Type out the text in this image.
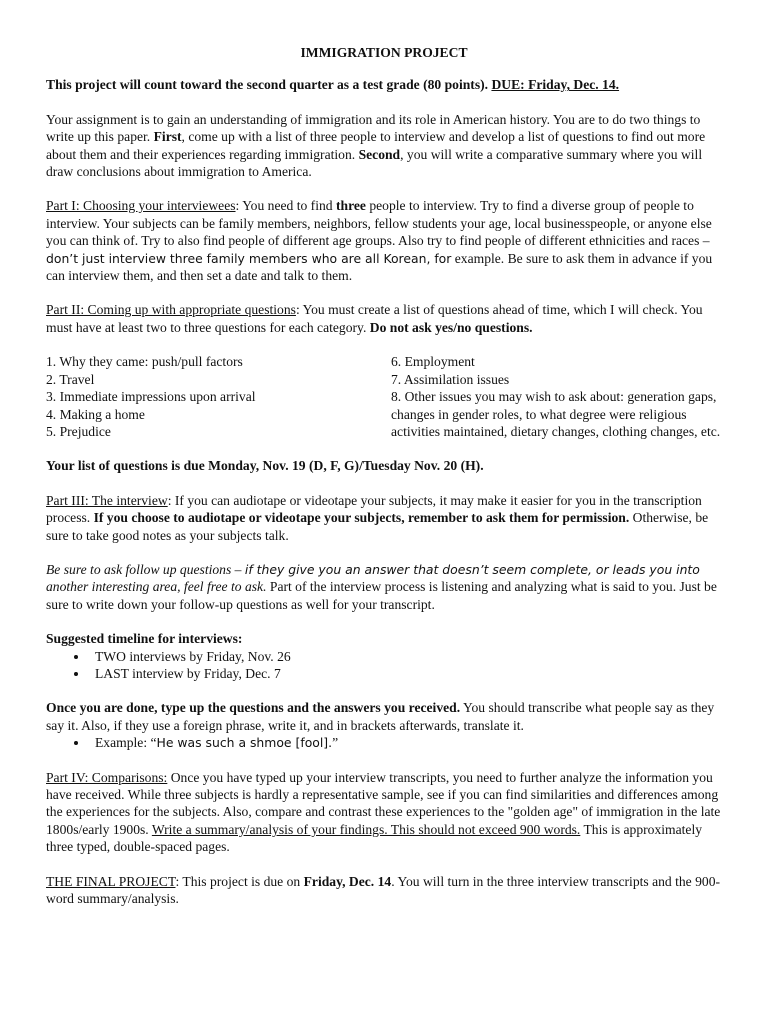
IMMIGRATION PROJECT

This project will count toward the second quarter as a test grade (80 points). DUE: Friday, Dec. 14.

Your assignment is to gain an understanding of immigration and its role in American history. You are to do two things to write up this paper. First, come up with a list of three people to interview and develop a list of questions to find out more about them and their experiences regarding immigration. Second, you will write a comparative summary where you will draw conclusions about immigration to America.

Part I: Choosing your interviewees: You need to find three people to interview. Try to find a diverse group of people to interview. Your subjects can be family members, neighbors, fellow students your age, local businesspeople, or anyone else you can think of. Try to also find people of different age groups. Also try to find people of different ethnicities and races – don’t just interview three family members who are all Korean, for example. Be sure to ask them in advance if you can interview them, and then set a date and talk to them.

Part II: Coming up with appropriate questions: You must create a list of questions ahead of time, which I will check. You must have at least two to three questions for each category. Do not ask yes/no questions.

1. Why they came: push/pull factors

2. Travel

3. Immediate impressions upon arrival

4. Making a home

5. Prejudice

6. Employment

7. Assimilation issues

8. Other issues you may wish to ask about: generation gaps, changes in gender roles, to what degree were religious activities maintained, dietary changes, clothing changes, etc.

Your list of questions is due Monday, Nov. 19 (D, F, G)/Tuesday Nov. 20 (H).

Part III: The interview: If you can audiotape or videotape your subjects, it may make it easier for you in the transcription process. If you choose to audiotape or videotape your subjects, remember to ask them for permission. Otherwise, be sure to take good notes as your subjects talk.

Be sure to ask follow up questions – if they give you an answer that doesn’t seem complete, or leads you into another interesting area, feel free to ask. Part of the interview process is listening and analyzing what is said to you. Just be sure to write down your follow-up questions as well for your transcript.

Suggested timeline for interviews:

• TWO interviews by Friday, Nov. 26
• LAST interview by Friday, Dec. 7

Once you are done, type up the questions and the answers you received. You should transcribe what people say as they say it. Also, if they use a foreign phrase, write it, and in brackets afterwards, translate it.

• Example: “He was such a shmoe [fool].”

Part IV: Comparisons: Once you have typed up your interview transcripts, you need to further analyze the information you have received. While three subjects is hardly a representative sample, see if you can find similarities and differences among the experiences for the subjects. Also, compare and contrast these experiences to the "golden age" of immigration in the late 1800s/early 1900s. Write a summary/analysis of your findings. This should not exceed 900 words. This is approximately three typed, double-spaced pages.

THE FINAL PROJECT: This project is due on Friday, Dec. 14. You will turn in the three interview transcripts and the 900-word summary/analysis.
